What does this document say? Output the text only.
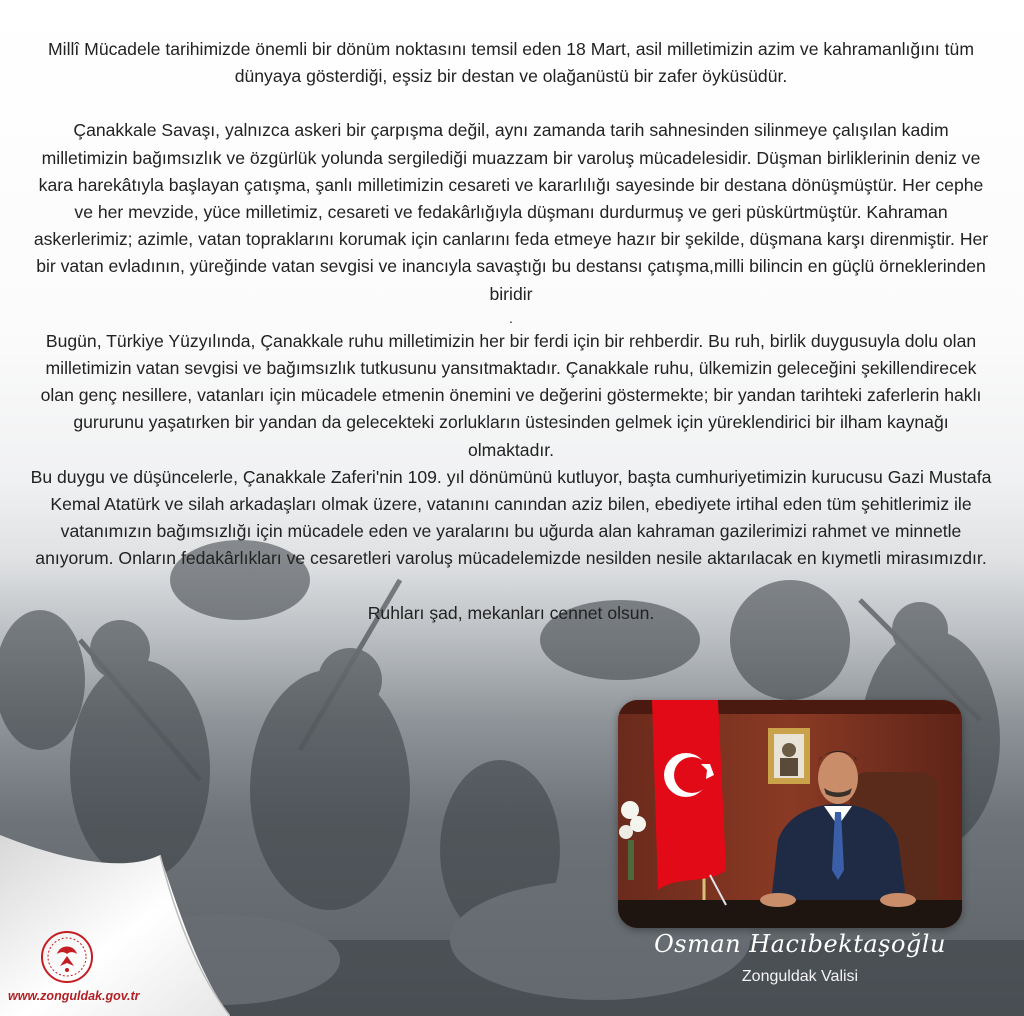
Millî Mücadele tarihimizde önemli bir dönüm noktasını temsil eden 18 Mart, asil milletimizin azim ve kahramanlığını tüm dünyaya gösterdiği, eşsiz bir destan ve olağanüstü bir zafer öyküsüdür.

Çanakkale Savaşı, yalnızca askeri bir çarpışma değil, aynı zamanda tarih sahnesinden silinmeye çalışılan kadim milletimizin bağımsızlık ve özgürlük yolunda sergilediği muazzam bir varoluş mücadelesidir. Düşman birliklerinin deniz ve kara harekâtıyla başlayan çatışma, şanlı milletimizin cesareti ve kararlılığı sayesinde bir destana dönüşmüştür. Her cephe ve her mevzide, yüce milletimiz, cesareti ve fedakârlığıyla düşmanı durdurmuş ve geri püskürtmüştür. Kahraman askerlerimiz; azimle, vatan topraklarını korumak için canlarını feda etmeye hazır bir şekilde, düşmana karşı direnmiştir. Her bir vatan evladının, yüreğinde vatan sevgisi ve inancıyla savaştığı bu destansı çatışma,milli bilincin en güçlü örneklerinden biridir

.

Bugün, Türkiye Yüzyılında, Çanakkale ruhu milletimizin her bir ferdi için bir rehberdir. Bu ruh, birlik duygusuyla dolu olan milletimizin vatan sevgisi ve bağımsızlık tutkusunu yansıtmaktadır. Çanakkale ruhu, ülkemizin geleceğini şekillendirecek olan genç nesillere, vatanları için mücadele etmenin önemini ve değerini göstermekte; bir yandan tarihteki zaferlerin haklı gururunu yaşatırken bir yandan da gelecekteki zorlukların üstesinden gelmek için yüreklendirici bir ilham kaynağı olmaktadır.

Bu duygu ve düşüncelerle, Çanakkale Zaferi'nin 109. yıl dönümünü kutluyor, başta cumhuriyetimizin kurucusu Gazi Mustafa Kemal Atatürk ve silah arkadaşları olmak üzere, vatanını canından aziz bilen, ebediyete irtihal eden tüm şehitlerimiz ile vatanımızın bağımsızlığı için mücadele eden ve yaralarını bu uğurda alan kahraman gazilerimizi rahmet ve minnetle anıyorum. Onların fedakârlıkları ve cesaretleri varoluş mücadelemizde nesilden nesile aktarılacak en kıymetli mirasımızdır.

Ruhları şad, mekanları cennet olsun.

Osman Hacıbektaşoğlu
Zonguldak Valisi
www.zonguldak.gov.tr
